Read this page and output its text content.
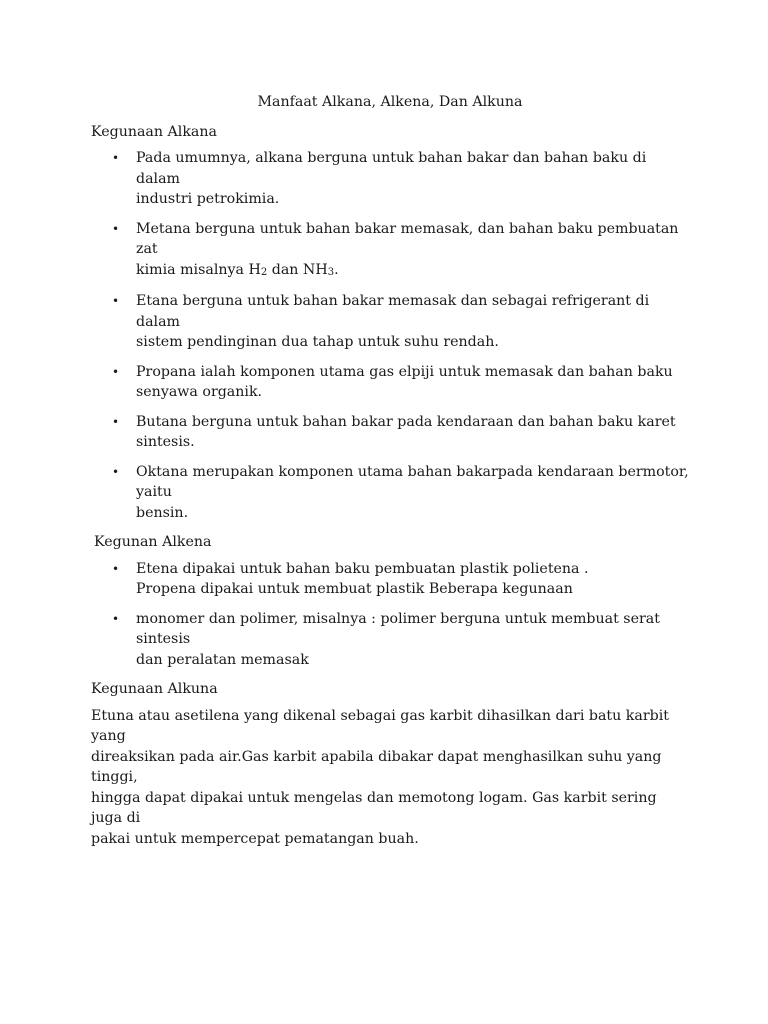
Manfaat Alkana, Alkena, Dan Alkuna
Kegunaan Alkana
• Pada umumnya, alkana berguna untuk bahan bakar dan bahan baku di dalam
industri petrokimia.
• Metana berguna untuk bahan bakar memasak, dan bahan baku pembuatan zat
kimia misalnya $H_2$ dan $NH_3$.
• Etana berguna untuk bahan bakar memasak dan sebagai refrigerant di dalam
sistem pendinginan dua tahap untuk suhu rendah.
• Propana ialah komponen utama gas elpiji untuk memasak dan bahan baku
senyawa organik.
• Butana berguna untuk bahan bakar pada kendaraan dan bahan baku karet sintesis.
• Oktana merupakan komponen utama bahan bakarpada kendaraan bermotor, yaitu
bensin.
Kegunan Alkena
• Etena dipakai untuk bahan baku pembuatan plastik polietena .
Propena dipakai untuk membuat plastik Beberapa kegunaan
• monomer dan polimer, misalnya : polimer berguna untuk membuat serat sintesis
dan peralatan memasak
Kegunaan Alkuna
Etuna atau asetilena yang dikenal sebagai gas karbit dihasilkan dari batu karbit yang
direaksikan pada air.Gas karbit apabila dibakar dapat menghasilkan suhu yang tinggi,
hingga dapat dipakai untuk mengelas dan memotong logam. Gas karbit sering juga di
pakai untuk mempercepat pematangan buah.
